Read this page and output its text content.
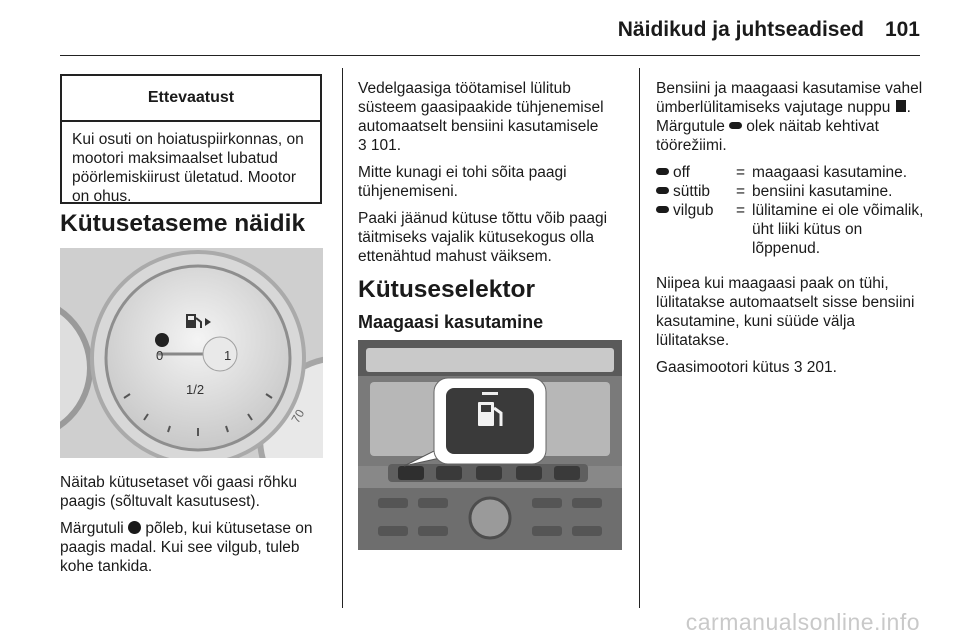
Näidikud ja juhtseadised 101
Ettevaatust
Kui osuti on hoiatuspiirkonnas, on mootori maksimaalset lubatud pöörlemiskiirust ületatud. Mootor on ohus.
Kütusetaseme näidik
0	1
1/2
70

Näitab kütusetaset või gaasi rõhku paagis (sõltuvalt kasutusest).

Märgutuli põleb, kui kütusetase on paagis madal. Kui see vilgub, tuleb kohe tankida.

Vedelgaasiga töötamisel lülitub süsteem gaasipaakide tühjenemisel automaatselt bensiini kasutamisele
3 101.

Mitte kunagi ei tohi sõita paagi tühjenemiseni.

Paaki jäänud kütuse tõttu võib paagi täitmiseks vajalik kütusekogus olla ettenähtud mahust väiksem.

Kütuseselektor
Maagaasi kasutamine

Bensiini ja maagaasi kasutamise vahel ümberlülitamiseks vajutage nuppu . Märgutule olek näitab kehtivat töörežiimi.

off	= maagaasi kasutamine.
süttib	= bensiini kasutamine.
vilgub	= lülitamine ei ole võimalik, üht liiki kütus on lõppenud.

Niipea kui maagaasi paak on tühi, lülitatakse automaatselt sisse bensiini kasutamine, kuni süüde välja lülitatakse.

Gaasimootori kütus 3 201.

carmanualsonline.info
